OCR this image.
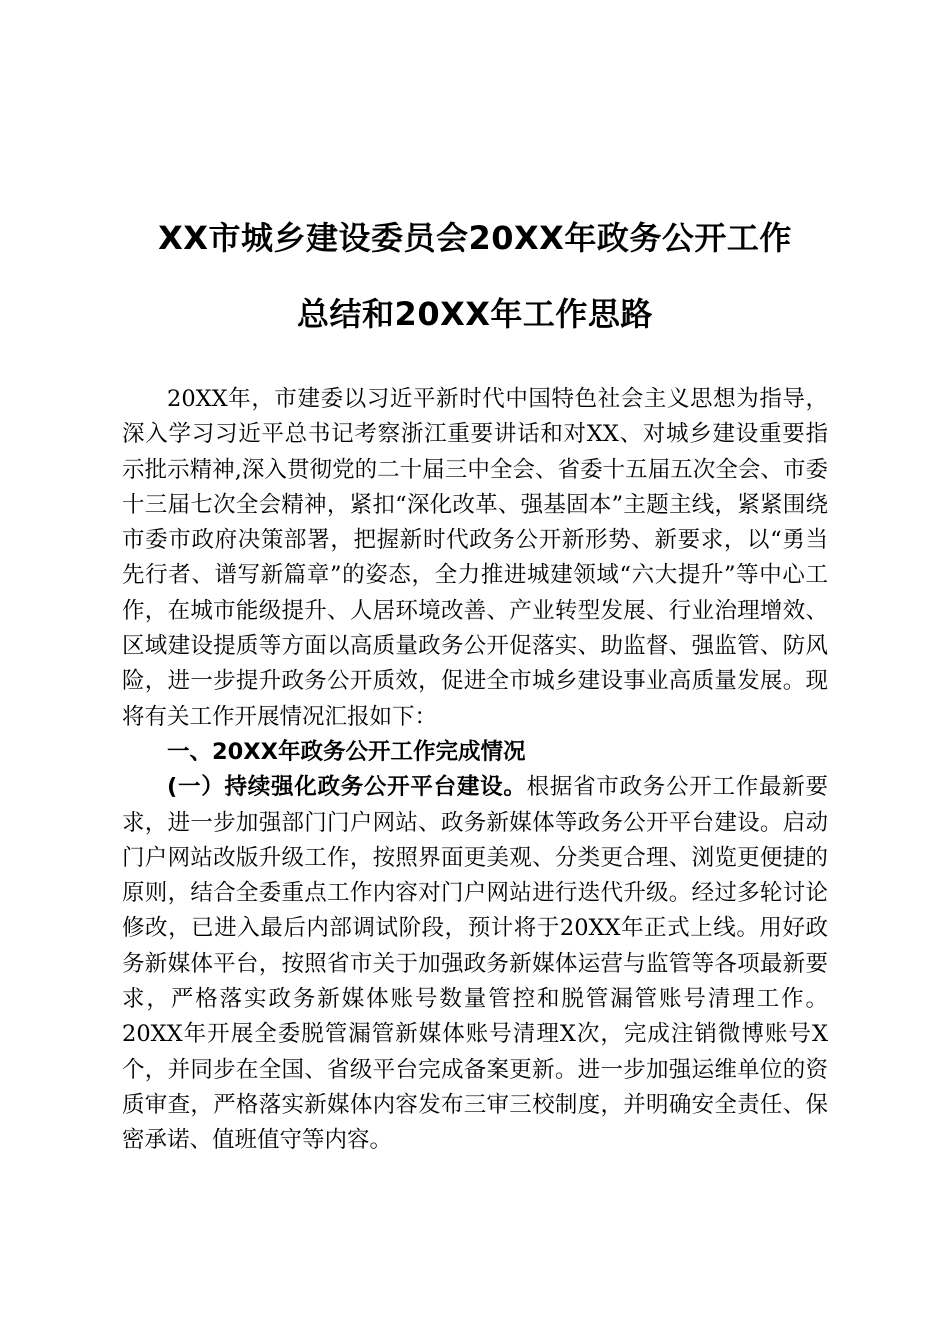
XX市城乡建设委员会20XX年政务公开工作
总结和20XX年工作思路

20XX年，市建委以习近平新时代中国特色社会主义思想为指导，深入学习习近平总书记考察浙江重要讲话和对XX、对城乡建设重要指示批示精神,深入贯彻党的二十届三中全会、省委十五届五次全会、市委十三届七次全会精神，紧扣“深化改革、强基固本”主题主线，紧紧围绕市委市政府决策部署，把握新时代政务公开新形势、新要求，以“勇当先行者、谱写新篇章”的姿态，全力推进城建领域“六大提升”等中心工作，在城市能级提升、人居环境改善、产业转型发展、行业治理增效、区域建设提质等方面以高质量政务公开促落实、助监督、强监管、防风险，进一步提升政务公开质效，促进全市城乡建设事业高质量发展。现将有关工作开展情况汇报如下：

一、20XX年政务公开工作完成情况

(一）持续强化政务公开平台建设。根据省市政务公开工作最新要求，进一步加强部门门户网站、政务新媒体等政务公开平台建设。启动门户网站改版升级工作，按照界面更美观、分类更合理、浏览更便捷的原则，结合全委重点工作内容对门户网站进行迭代升级。经过多轮讨论修改，已进入最后内部调试阶段，预计将于20XX年正式上线。用好政务新媒体平台，按照省市关于加强政务新媒体运营与监管等各项最新要求，严格落实政务新媒体账号数量管控和脱管漏管账号清理工作。20XX年开展全委脱管漏管新媒体账号清理X次，完成注销微博账号X个，并同步在全国、省级平台完成备案更新。进一步加强运维单位的资质审查，严格落实新媒体内容发布三审三校制度，并明确安全责任、保密承诺、值班值守等内容。
